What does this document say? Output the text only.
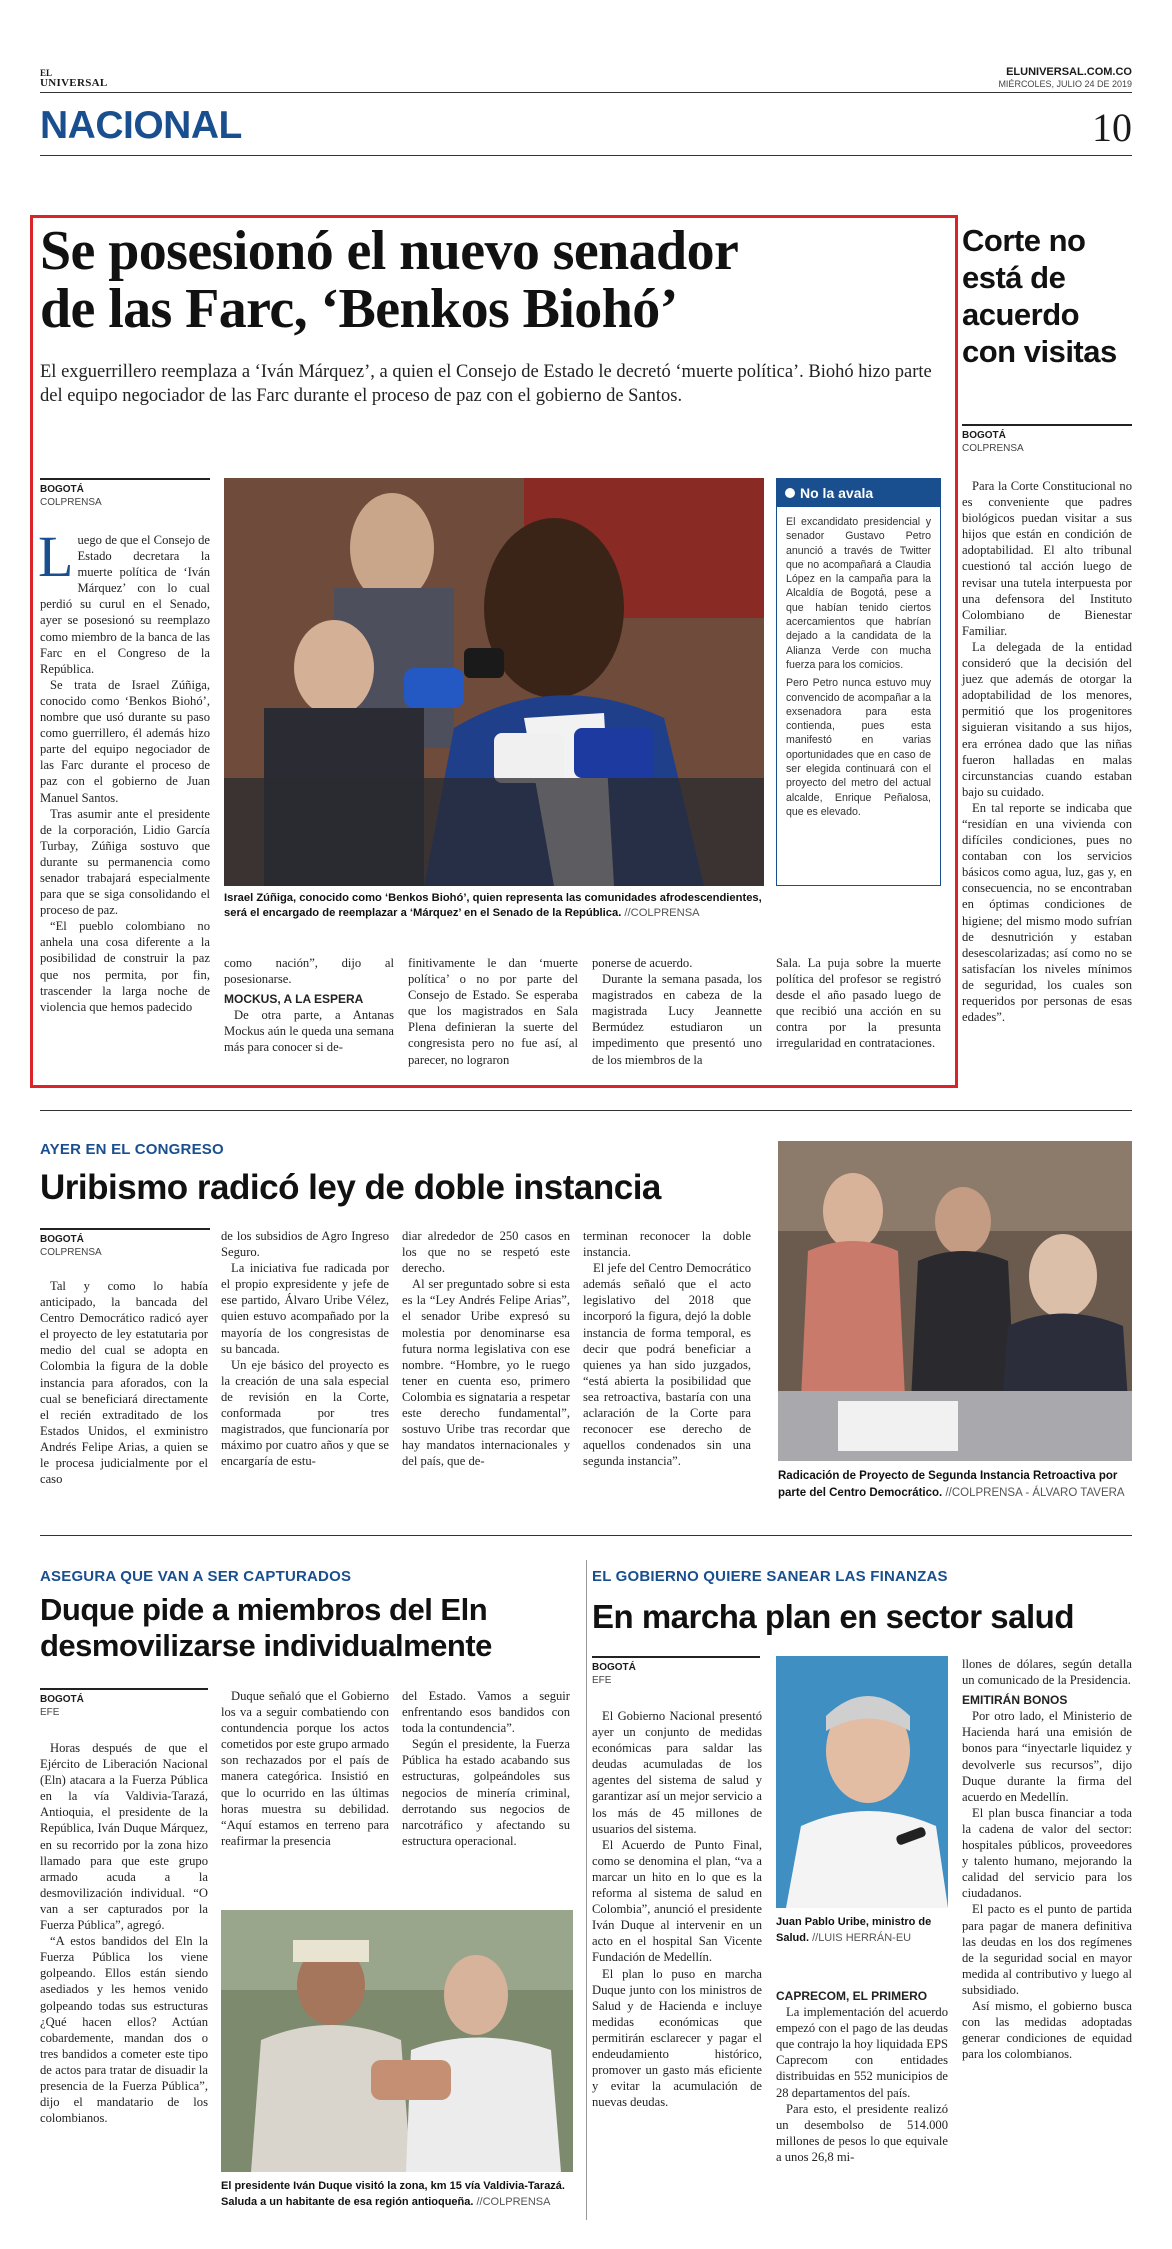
EL
UNIVERSAL
ELUNIVERSAL.COM.CO
MIÉRCOLES, JULIO 24 DE 2019
NACIONAL	10
Se posesionó el nuevo senador
de las Farc, ‘Benkos Biohó’
El exguerrillero reemplaza a ‘Iván Márquez’, a quien el Consejo de Estado le decretó ‘muerte política’. Biohó hizo parte del equipo negociador de las Farc durante el proceso de paz con el gobierno de Santos.
BOGOTÁ
COLPRENSA

Luego de que el Consejo de Estado decretara la muerte política de ‘Iván Márquez’ con lo cual perdió su curul en el Senado, ayer se posesionó su reemplazo como miembro de la banca de las Farc en el Congreso de la República.

Se trata de Israel Zúñiga, conocido como ‘Benkos Biohó’, nombre que usó durante su paso como guerrillero, él además hizo parte del equipo negociador de las Farc durante el proceso de paz con el gobierno de Juan Manuel Santos.

Tras asumir ante el presidente de la corporación, Lidio García Turbay, Zúñiga sostuvo que durante su permanencia como senador trabajará especialmente para que se siga consolidando el proceso de paz.

“El pueblo colombiano no anhela una cosa diferente a la posibilidad de construir la paz que nos permita, por fin, trascender la larga noche de violencia que hemos padecido

Israel Zúñiga, conocido como ‘Benkos Biohó’, quien representa las comunidades afrodescendientes, será el encargado de reemplazar a ‘Márquez’ en el Senado de la República. //COLPRENSA
No la avala

El excandidato presidencial y senador Gustavo Petro anunció a través de Twitter que no acompañará a Claudia López en la campaña para la Alcaldía de Bogotá, pese a que habían tenido ciertos acercamientos que habrían dejado a la candidata de la Alianza Verde con mucha fuerza para los comicios.

Pero Petro nunca estuvo muy convencido de acompañar a la exsenadora para esta contienda, pues esta manifestó en varias oportunidades que en caso de ser elegida continuará con el proyecto del metro del actual alcalde, Enrique Peñalosa, que es elevado.

como nación”, dijo al posesionarse.

MOCKUS, A LA ESPERA

De otra parte, a Antanas Mockus aún le queda una semana más para conocer si de-

finitivamente le dan ‘muerte política’ o no por parte del Consejo de Estado. Se esperaba que los magistrados en Sala Plena definieran la suerte del congresista pero no fue así, al parecer, no lograron

ponerse de acuerdo.

Durante la semana pasada, los magistrados en cabeza de la magistrada Lucy Jeannette Bermúdez estudiaron un impedimento que presentó uno de los miembros de la

Sala. La puja sobre la muerte política del profesor se registró desde el año pasado luego de que recibió una acción en su contra por la presunta irregularidad en contrataciones.

Corte no está de acuerdo con visitas
BOGOTÁ
COLPRENSA

Para la Corte Constitucional no es conveniente que padres biológicos puedan visitar a sus hijos que están en condición de adoptabilidad. El alto tribunal cuestionó tal acción luego de revisar una tutela interpuesta por una defensora del Instituto Colombiano de Bienestar Familiar.

La delegada de la entidad consideró que la decisión del juez que además de otorgar la adoptabilidad de los menores, permitió que los progenitores siguieran visitando a sus hijos, era errónea dado que las niñas fueron halladas en malas circunstancias cuando estaban bajo su cuidado.

En tal reporte se indicaba que “residían en una vivienda con difíciles condiciones, pues no contaban con los servicios básicos como agua, luz, gas y, en consecuencia, no se encontraban en óptimas condiciones de higiene; del mismo modo sufrían de desnutrición y estaban desescolarizadas; así como no se satisfacían los niveles mínimos de seguridad, los cuales son requeridos por personas de esas edades”.

AYER EN EL CONGRESO
Uribismo radicó ley de doble instancia
BOGOTÁ
COLPRENSA

Tal y como lo había anticipado, la bancada del Centro Democrático radicó ayer el proyecto de ley estatutaria por medio del cual se adopta en Colombia la figura de la doble instancia para aforados, con la cual se beneficiará directamente el recién extraditado de los Estados Unidos, el exministro Andrés Felipe Arias, a quien se le procesa judicialmente por el caso

de los subsidios de Agro Ingreso Seguro.

La iniciativa fue radicada por el propio expresidente y jefe de ese partido, Álvaro Uribe Vélez, quien estuvo acompañado por la mayoría de los congresistas de su bancada.

Un eje básico del proyecto es la creación de una sala especial de revisión en la Corte, conformada por tres magistrados, que funcionaría por máximo por cuatro años y que se encargaría de estu-

diar alrededor de 250 casos en los que no se respetó este derecho.

Al ser preguntado sobre si esta es la “Ley Andrés Felipe Arias”, el senador Uribe expresó su molestia por denominarse esa futura norma legislativa con ese nombre. “Hombre, yo le ruego tener en cuenta eso, primero Colombia es signataria a respetar este derecho fundamental”, sostuvo Uribe tras recordar que hay mandatos internacionales y del país, que de-

terminan reconocer la doble instancia.

El jefe del Centro Democrático además señaló que el acto legislativo del 2018 que incorporó la figura, dejó la doble instancia de forma temporal, es decir que podrá beneficiar a quienes ya han sido juzgados, “está abierta la posibilidad que sea retroactiva, bastaría con una aclaración de la Corte para reconocer ese derecho de aquellos condenados sin una segunda instancia”.

Radicación de Proyecto de Segunda Instancia Retroactiva por parte del Centro Democrático. //COLPRENSA - ÁLVARO TAVERA
ASEGURA QUE VAN A SER CAPTURADOS
Duque pide a miembros del Eln
desmovilizarse individualmente
BOGOTÁ
EFE

Horas después de que el Ejército de Liberación Nacional (Eln) atacara a la Fuerza Pública en la vía Valdivia-Tarazá, Antioquia, el presidente de la República, Iván Duque Márquez, en su recorrido por la zona hizo llamado para que este grupo armado acuda a la desmovilización individual. “O van a ser capturados por la Fuerza Pública”, agregó.

“A estos bandidos del Eln la Fuerza Pública los viene golpeando. Ellos están siendo asediados y les hemos venido golpeando todas sus estructuras ¿Qué hacen ellos? Actúan cobardemente, mandan dos o tres bandidos a cometer este tipo de actos para tratar de disuadir la presencia de la Fuerza Pública”, dijo el mandatario de los colombianos.

Duque señaló que el Gobierno los va a seguir combatiendo con contundencia porque los actos cometidos por este grupo armado son rechazados por el país de manera categórica. Insistió en que lo ocurrido en las últimas horas muestra su debilidad. “Aquí estamos en terreno para reafirmar la presencia

del Estado. Vamos a seguir enfrentando esos bandidos con toda la contundencia”.

Según el presidente, la Fuerza Pública ha estado acabando sus estructuras, golpeándoles sus negocios de minería criminal, derrotando sus negocios de narcotráfico y afectando su estructura operacional.

El presidente Iván Duque visitó la zona, km 15 vía Valdivia-Tarazá. Saluda a un habitante de esa región antioqueña. //COLPRENSA
EL GOBIERNO QUIERE SANEAR LAS FINANZAS
En marcha plan en sector salud
BOGOTÁ
EFE

El Gobierno Nacional presentó ayer un conjunto de medidas económicas para saldar las deudas acumuladas de los agentes del sistema de salud y garantizar así un mejor servicio a los más de 45 millones de usuarios del sistema.

El Acuerdo de Punto Final, como se denomina el plan, “va a marcar un hito en lo que es la reforma al sistema de salud en Colombia”, anunció el presidente Iván Duque al intervenir en un acto en el hospital San Vicente Fundación de Medellín.

El plan lo puso en marcha Duque junto con los ministros de Salud y de Hacienda e incluye medidas económicas que permitirán esclarecer y pagar el endeudamiento histórico, promover un gasto más eficiente y evitar la acumulación de nuevas deudas.

Juan Pablo Uribe, ministro de Salud. //LUIS HERRÁN-EU

CAPRECOM, EL PRIMERO

La implementación del acuerdo empezó con el pago de las deudas que contrajo la hoy liquidada EPS Caprecom con entidades distribuidas en 552 municipios de 28 departamentos del país.

Para esto, el presidente realizó un desembolso de 514.000 millones de pesos lo que equivale a unos 26,8 mi-

llones de dólares, según detalla un comunicado de la Presidencia.

EMITIRÁN BONOS

Por otro lado, el Ministerio de Hacienda hará una emisión de bonos para “inyectarle liquidez y devolverle sus recursos”, dijo Duque durante la firma del acuerdo en Medellín.

El plan busca financiar a toda la cadena de valor del sector: hospitales públicos, proveedores y talento humano, mejorando la calidad del servicio para los ciudadanos.

El pacto es el punto de partida para pagar de manera definitiva las deudas en los dos regímenes de la seguridad social en mayor medida al contributivo y luego al subsidiado.

Así mismo, el gobierno busca con las medidas adoptadas generar condiciones de equidad para los colombianos.
